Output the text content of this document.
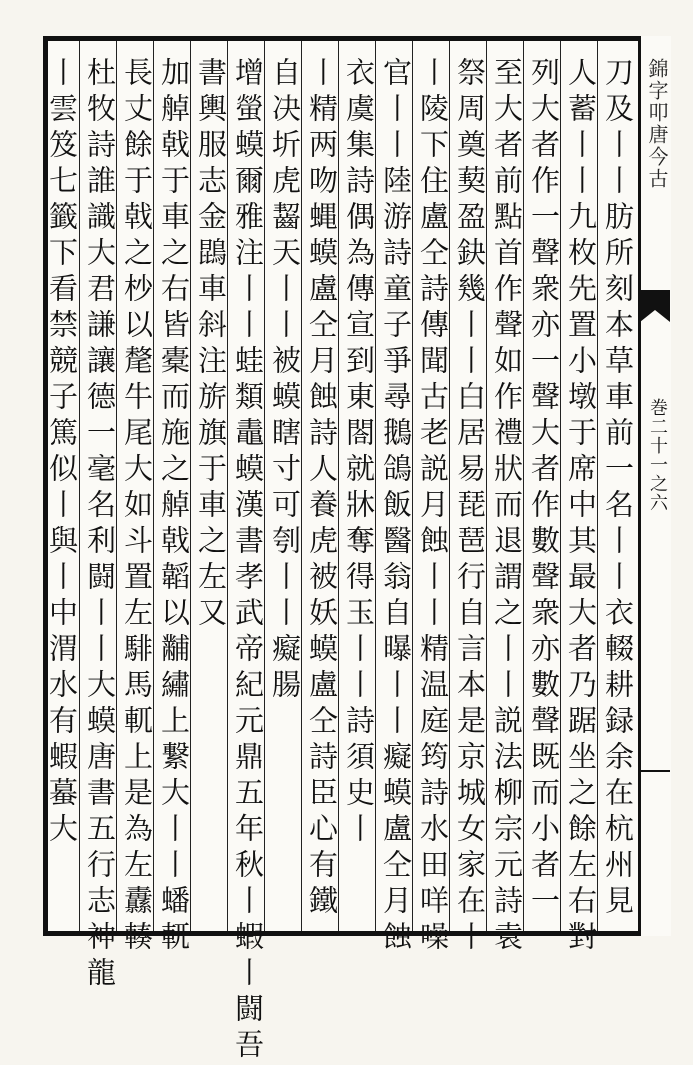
錦字叩唐今古
巻二十一之六
刀及丨丨肪所刻本草車前一名丨丨衣輟耕録余在杭州見一
人蓄丨丨九枚先置小墩于席中其最大者乃踞坐之餘左右對
列大者作一聲衆亦一聲大者作數聲衆亦數聲既而小者一
至大者前點首作聲如作禮狀而退謂之丨丨説法柳宗元詩袁
祭周奠葜盈鈌幾丨丨白居易琵琶行自言本是京城女家在丨
丨陵下住盧仝詩傳聞古老説月蝕丨丨精温庭筠詩水田咩噪
官丨丨陸游詩童子爭尋鵝鴿飯醫翁自曝丨丨癡蟆盧仝月蝕
衣虞集詩偶為傳宣到東閤就牀奪得玉丨丨詩須史丨
丨精两吻蝿蟆盧仝月蝕詩人養虎被妖蟆盧仝詩臣心有鐵一
自决圻虎齧天丨丨被蟆瞎寸可刳丨丨癡腸
增螢蟆爾雅注丨丨蛙類鼃蟆漢書孝武帝紀元鼎五年秋丨蝦丨闘吾
書輿服志金鵾車斜注旂旗于車之左又
加䑲戟于車之右皆橐而施之䑲戟韜以黼繡上繋大丨丨蟠軏
長丈餘于戟之杪以氂牛尾大如斗置左騑馬軏上是為左纛輳
杜牧詩誰識大君謙讓德一毫名利闘丨丨大蟆唐書五行志神龍
丨雲笈七籤下看禁競子篤似丨與丨中渭水有蝦蟇大
